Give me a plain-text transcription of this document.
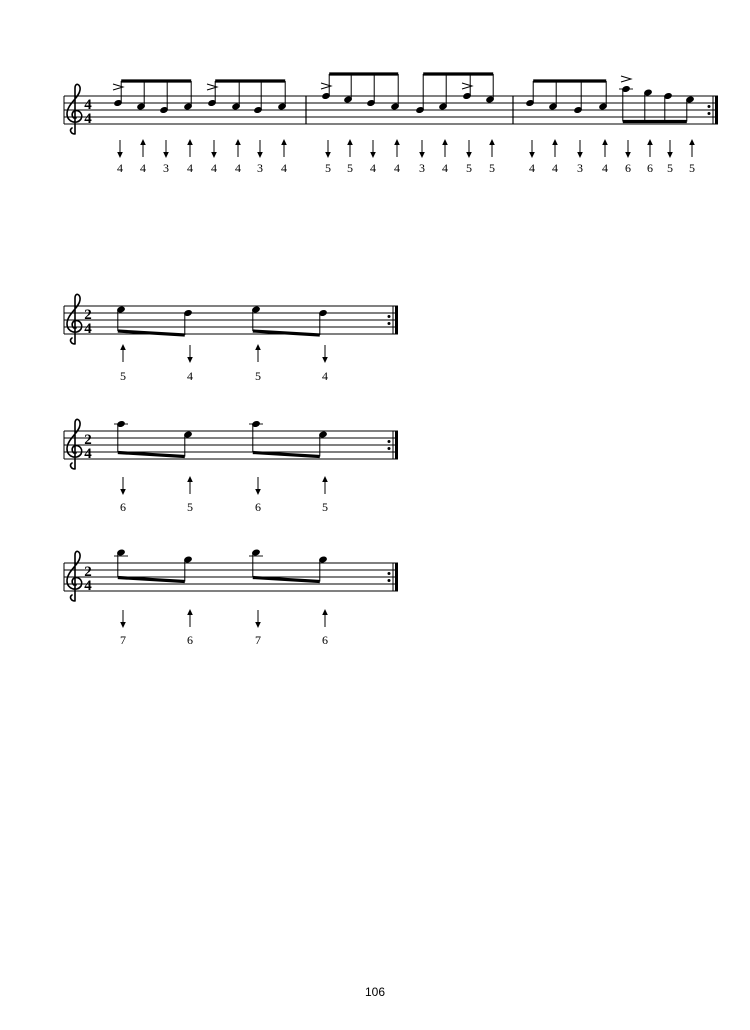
4
4
4 4 3 4 4 4 3 4	5 5 4 4 3 4 5 5	4 4 3 4 6 6 5 5
2
4
5	4	5	4
2
4
6	5	6	5
2
4
7	6	7	6
106
